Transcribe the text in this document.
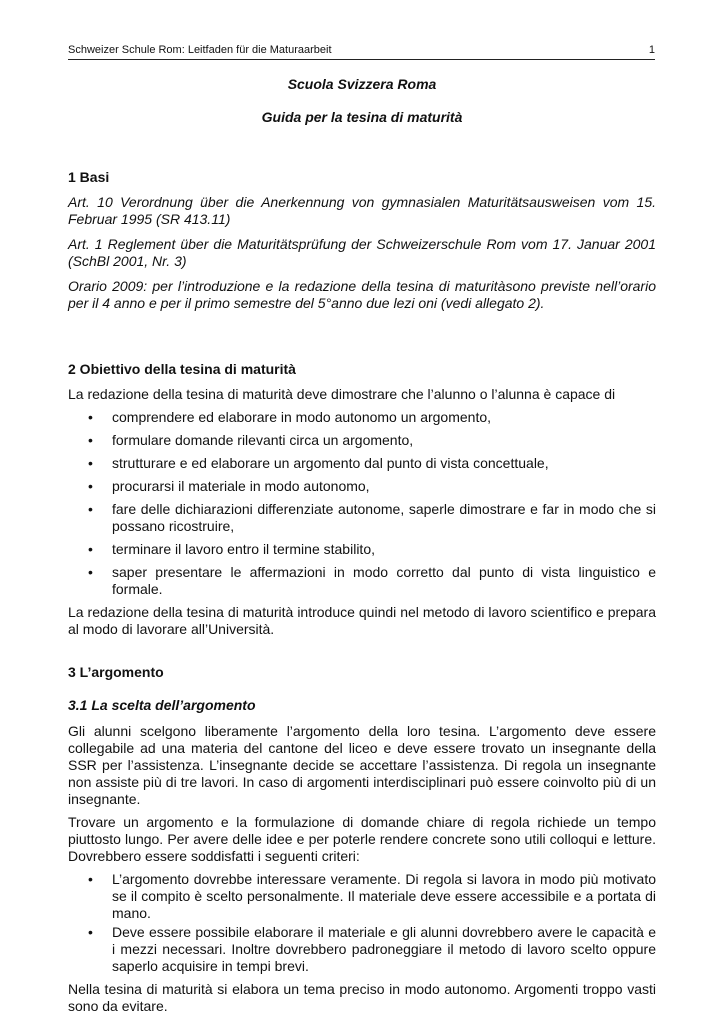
Schweizer Schule Rom: Leitfaden für die Maturaarbeit	1

Scuola Svizzera Roma

Guida per la tesina di maturità

1 Basi

Art. 10 Verordnung über die Anerkennung von gymnasialen Maturitätsausweisen vom 15. Februar 1995 (SR 413.11)

Art. 1 Reglement über die Maturitätsprüfung der Schweizerschule Rom vom 17. Januar 2001 (SchBl 2001, Nr. 3)

Orario 2009: per l’introduzione e la redazione della tesina di maturitàsono previste nell’orario per il 4 anno e per il primo semestre del 5°anno due lezi oni (vedi allegato 2).

2 Obiettivo della tesina di maturità

La redazione della tesina di maturità deve dimostrare che l’alunno o l’alunna è capace di

• comprendere ed elaborare in modo autonomo un argomento,
• formulare domande rilevanti circa un argomento,
• strutturare e ed elaborare un argomento dal punto di vista concettuale,
• procurarsi il materiale in modo autonomo,
• fare delle dichiarazioni differenziate autonome, saperle dimostrare e far in modo che si possano ricostruire,
• terminare il lavoro entro il termine stabilito,
• saper presentare le affermazioni in modo corretto dal punto di vista linguistico e formale.

La redazione della tesina di maturità introduce quindi nel metodo di lavoro scientifico e prepara al modo di lavorare all’Università.

3 L’argomento

3.1 La scelta dell’argomento

Gli alunni scelgono liberamente l’argomento della loro tesina. L’argomento deve essere collegabile ad una materia del cantone del liceo e deve essere trovato un insegnante della SSR per l’assistenza. L’insegnante decide se accettare l’assistenza. Di regola un insegnante non assiste più di tre lavori. In caso di argomenti interdisciplinari può essere coinvolto più di un insegnante.

Trovare un argomento e la formulazione di domande chiare di regola richiede un tempo piuttosto lungo. Per avere delle idee e per poterle rendere concrete sono utili colloqui e letture. Dovrebbero essere soddisfatti i seguenti criteri:

• L’argomento dovrebbe interessare veramente. Di regola si lavora in modo più motivato se il compito è scelto personalmente. Il materiale deve essere accessibile e a portata di mano.
• Deve essere possibile elaborare il materiale e gli alunni dovrebbero avere le capacità e i mezzi necessari. Inoltre dovrebbero padroneggiare il metodo di lavoro scelto oppure saperlo acquisire in tempi brevi.

Nella tesina di maturità si elabora un tema preciso in modo autonomo. Argomenti troppo vasti sono da evitare.
